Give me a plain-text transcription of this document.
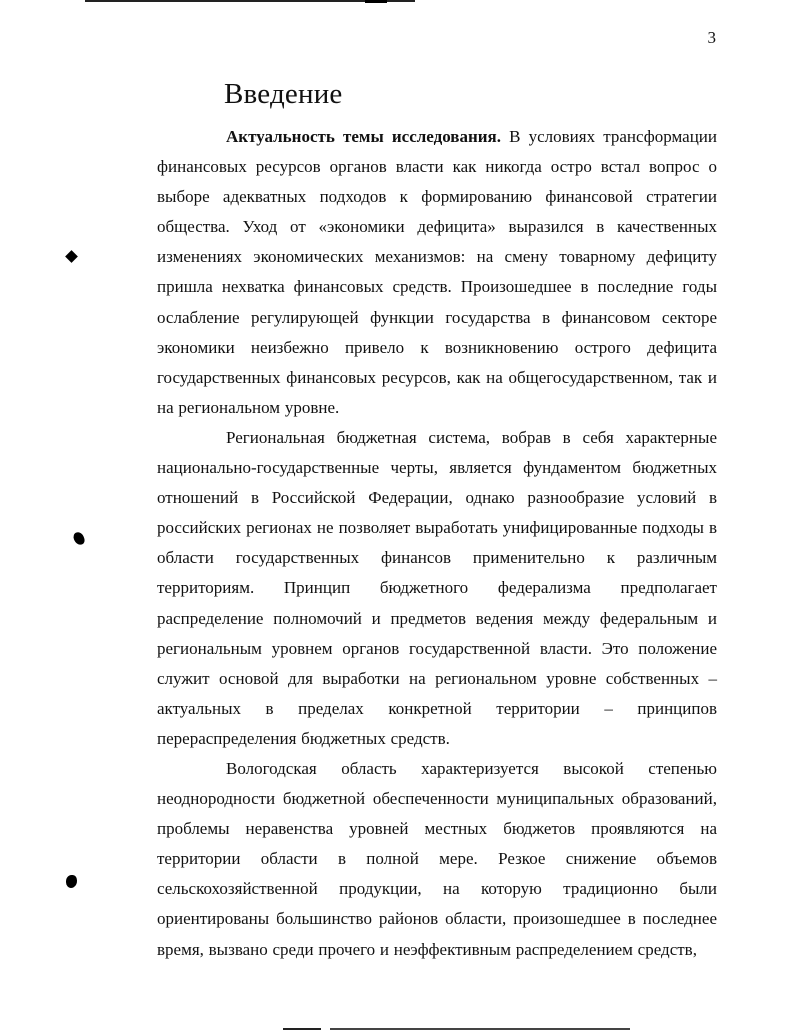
3
Введение

Актуальность темы исследования. В условиях трансформации финансовых ресурсов органов власти как никогда остро встал вопрос о выборе адекватных подходов к формированию финансовой стратегии общества. Уход от «экономики дефицита» выразился в качественных изменениях экономических механизмов: на смену товарному дефициту пришла нехватка финансовых средств. Произошедшее в последние годы ослабление регулирующей функции государства в финансовом секторе экономики неизбежно привело к возникновению острого дефицита государственных финансовых ресурсов, как на общегосударственном, так и на региональном уровне.

Региональная бюджетная система, вобрав в себя характерные национально-государственные черты, является фундаментом бюджетных отношений в Российской Федерации, однако разнообразие условий в российских регионах не позволяет выработать унифицированные подходы в области государственных финансов применительно к различным территориям. Принцип бюджетного федерализма предполагает распределение полномочий и предметов ведения между федеральным и региональным уровнем органов государственной власти. Это положение служит основой для выработки на региональном уровне собственных – актуальных в пределах конкретной территории – принципов перераспределения бюджетных средств.

Вологодская область характеризуется высокой степенью неоднородности бюджетной обеспеченности муниципальных образований, проблемы неравенства уровней местных бюджетов проявляются на территории области в полной мере. Резкое снижение объемов сельскохозяйственной продукции, на которую традиционно были ориентированы большинство районов области, произошедшее в последнее время, вызвано среди прочего и неэффективным распределением средств,
